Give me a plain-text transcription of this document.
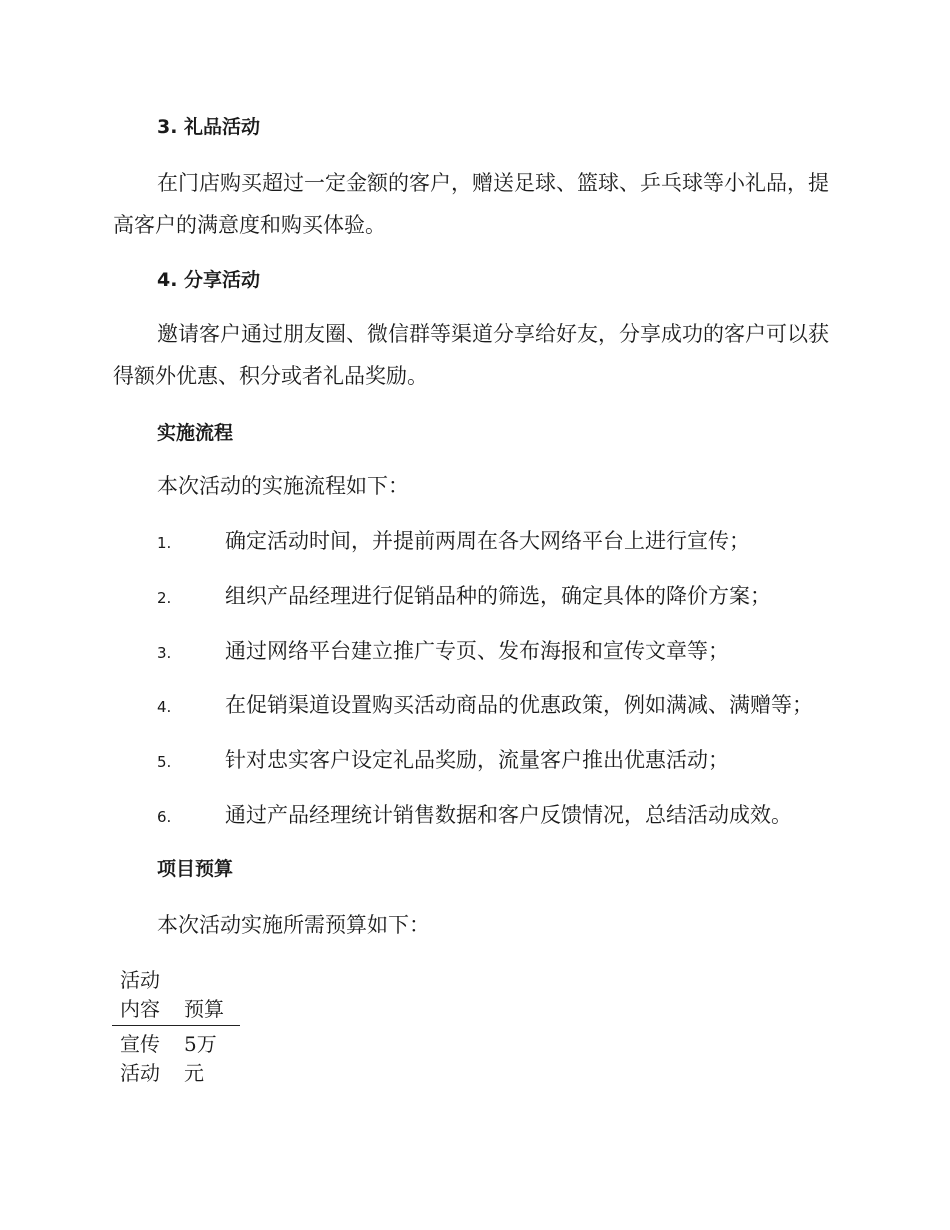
3. 礼品活动

在门店购买超过一定金额的客户，赠送足球、篮球、乒乓球等小礼品，提高客户的满意度和购买体验。

4. 分享活动

邀请客户通过朋友圈、微信群等渠道分享给好友，分享成功的客户可以获得额外优惠、积分或者礼品奖励。

实施流程

本次活动的实施流程如下：

1.	确定活动时间，并提前两周在各大网络平台上进行宣传；
2.	组织产品经理进行促销品种的筛选，确定具体的降价方案；
3.	通过网络平台建立推广专页、发布海报和宣传文章等；
4.	在促销渠道设置购买活动商品的优惠政策，例如满减、满赠等；
5.	针对忠实客户设定礼品奖励，流量客户推出优惠活动；
6.	通过产品经理统计销售数据和客户反馈情况，总结活动成效。
项目预算

本次活动实施所需预算如下：

活动内容	预算
宣传活动	5万元
